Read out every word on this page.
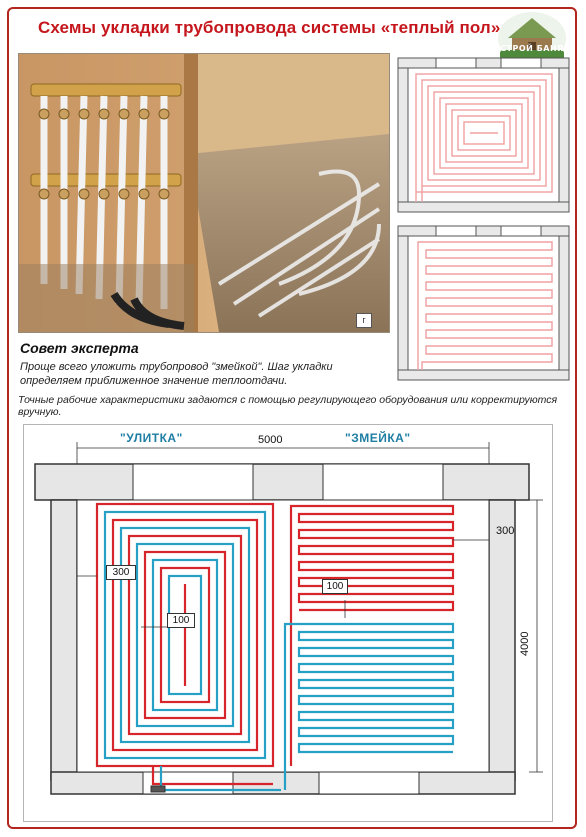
Схемы укладки трубопровода системы «теплый пол»
СТРОЙ БАНЯ
г
Совет эксперта
Проще всего уложить трубопровод "змейкой". Шаг укладки определяем приближенное значение теплоотдачи.
Точные рабочие характеристики задаются с помощью регулирующего оборудования или корректируются вручную.
"УЛИТКА"	"ЗМЕЙКА"
5000
4000
300
100
100
300
